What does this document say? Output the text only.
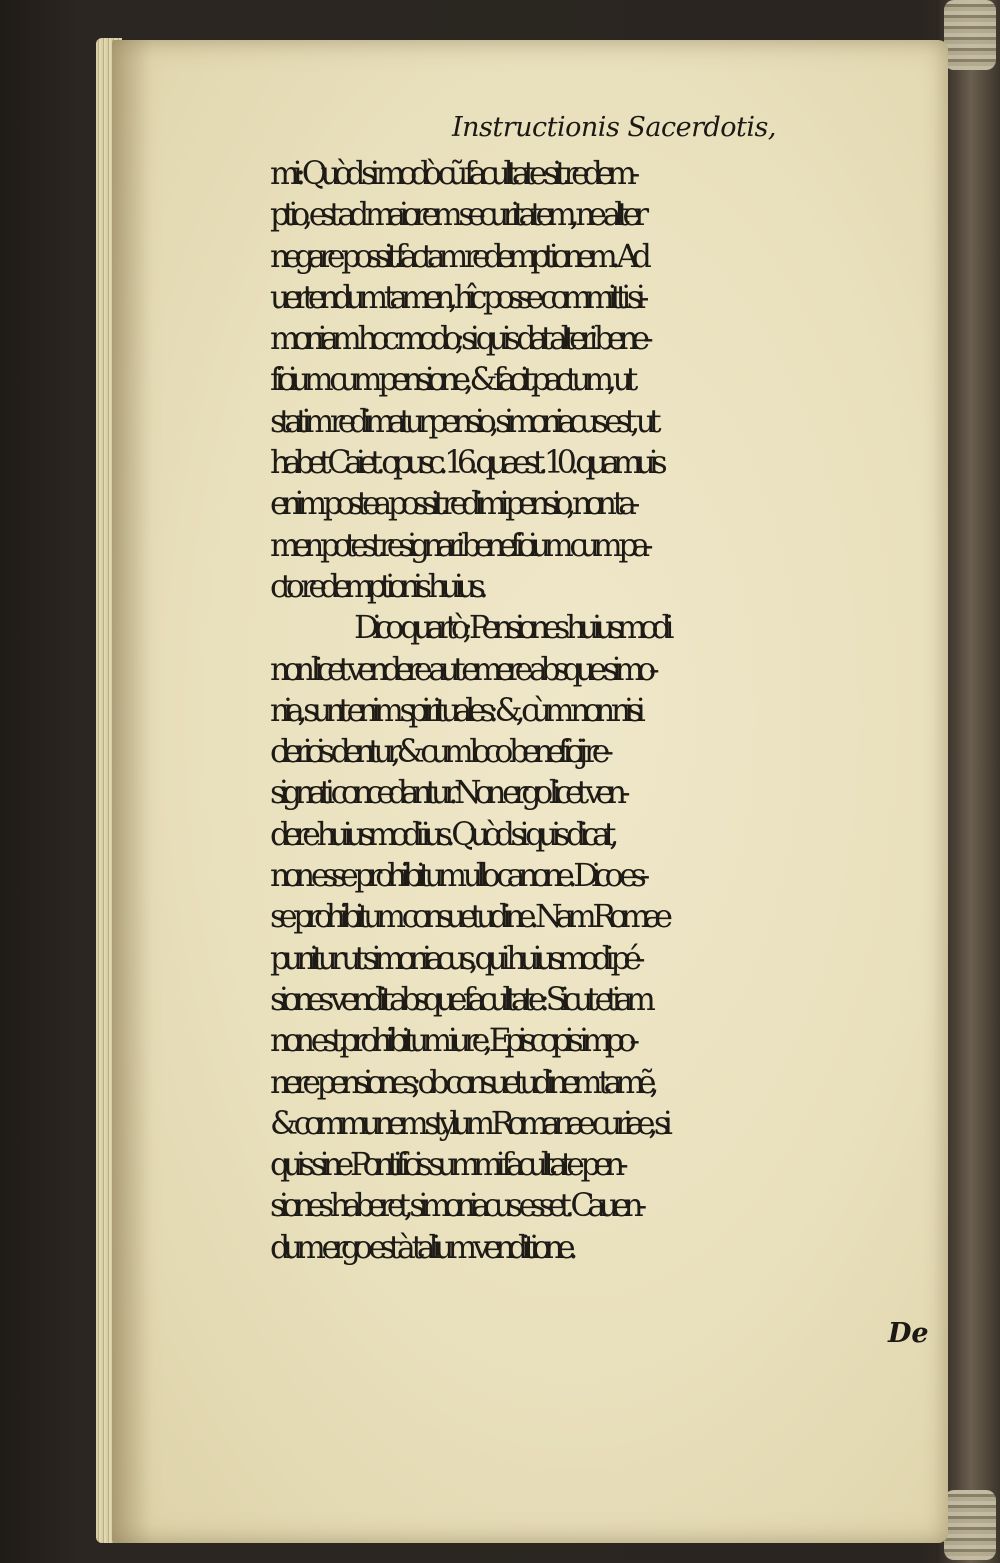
Instructionis Sacerdotis,
mi: Quòd si modò cũ facultate sit redem-
ptio, est ad maiorem securitatem, ne alter
negare possit factam redemptionem. Ad
uertendum tamen, hîc posse committi si-
moniam hoc modo; si quis dat alteri bene-
ficium cum pensione, & facit pactum, ut
statim redimatur pensio, simoniacus est, ut
habet Caiet. opusc. 16. quæst. 10. quamuis
enim postea possit redimi pensio, non ta-
men potest resignari beneficium cum pa-
cto redemptionis huius.
Dico quartò; Pensiones huiusmodi
non licet vendere aut emere absque simo-
nia, sunt enim spirituales: &, cùm non nisi
clericis dentur, & cum loco beneficij re-
signati concedantur. Non ergo licet ven-
dere huiusmodi ius. Quòd si quis dicat,
non esse prohibitum ullo canone. Dico es-
se prohibitum consuetudine. Nam Romæ
punitur ut simoniacus, qui huiusmodi pé-
siones vendit absque facultate: Sicut etiam
non est prohibitum iure, Episcopis impo-
nere pensiones; ob consuetudinem tamẽ,
& communem stylum Romanæ curiæ, si
quis sine Pontificis summi facultate pen-
siones haberet, simoniacus esset. Cauen-
dum ergo est à talium venditione.
De
